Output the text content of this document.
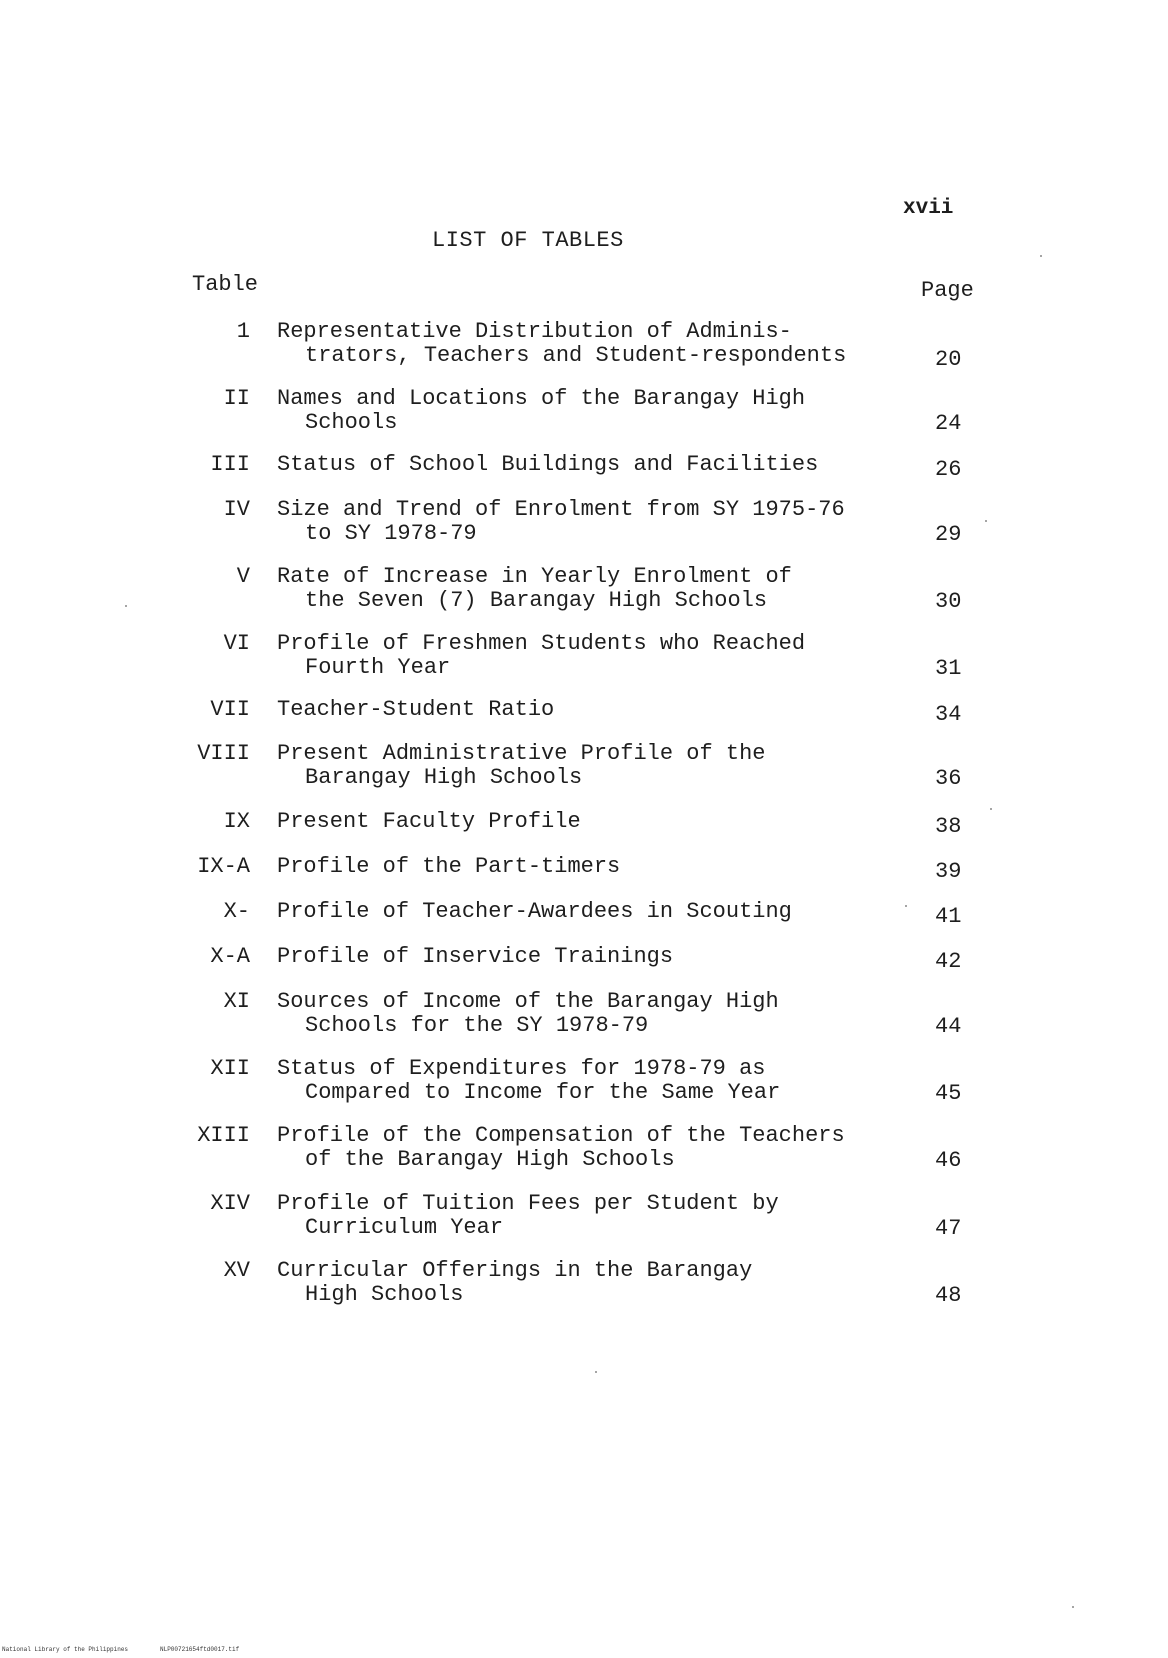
xvii
LIST OF TABLES
Table	Page
1 Representative Distribution of Adminis-
trators, Teachers and Student-respondents	20
II Names and Locations of the Barangay High
Schools	24
III Status of School Buildings and Facilities	26
IV Size and Trend of Enrolment from SY 1975-76
to SY 1978-79	29
V Rate of Increase in Yearly Enrolment of
the Seven (7) Barangay High Schools	30
VI Profile of Freshmen Students who Reached
Fourth Year	31
VII Teacher-Student Ratio	34
VIII Present Administrative Profile of the
Barangay High Schools	36
IX Present Faculty Profile	38
IX-A Profile of the Part-timers	39
X- Profile of Teacher-Awardees in Scouting	41
X-A Profile of Inservice Trainings	42
XI Sources of Income of the Barangay High
Schools for the SY 1978-79	44
XII Status of Expenditures for 1978-79 as
Compared to Income for the Same Year	45
XIII Profile of the Compensation of the Teachers
of the Barangay High Schools	46
XIV Profile of Tuition Fees per Student by
Curriculum Year	47
XV Curricular Offerings in the Barangay
High Schools	48
National Library of the Philippines	NLP00721654ftd0017.tif
